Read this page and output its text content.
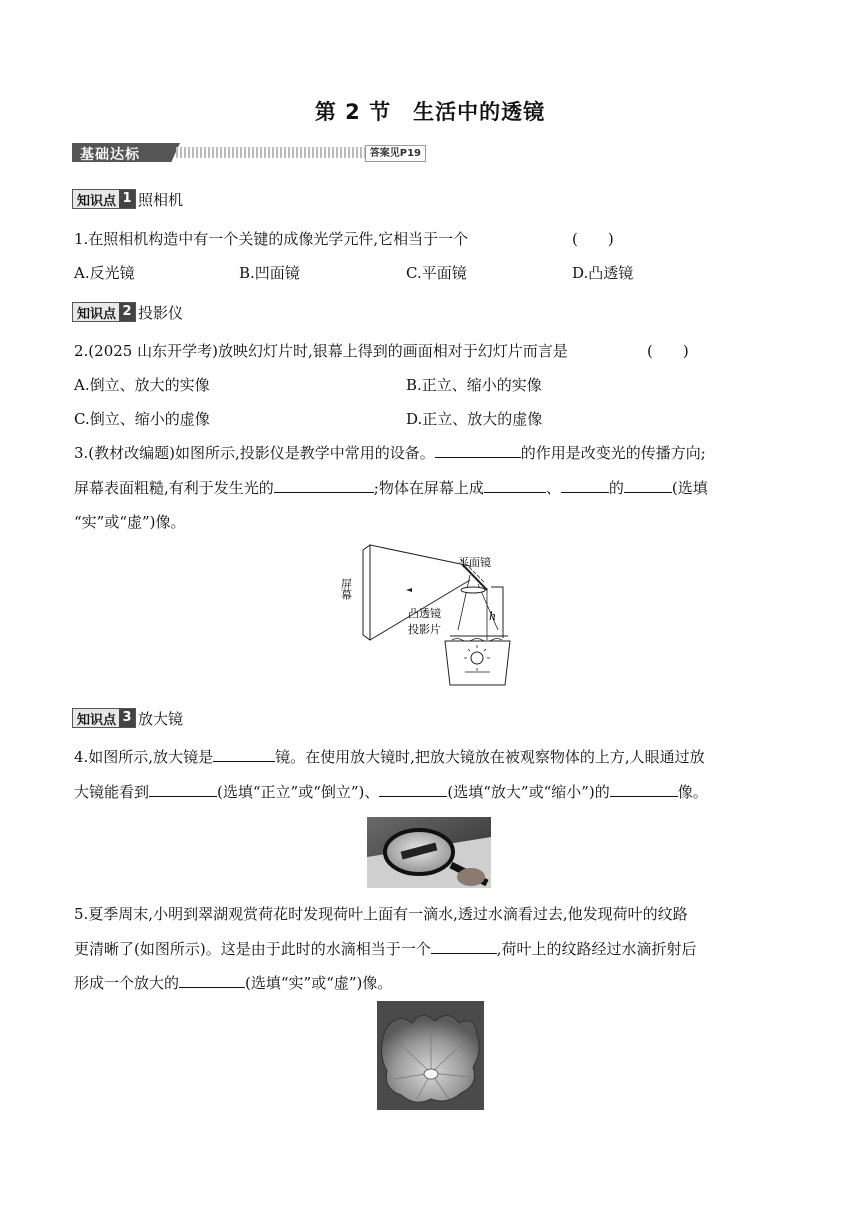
第 2 节　生活中的透镜
基础达标	答案见P19
知识点 1 照相机
1.在照相机构造中有一个关键的成像光学元件,它相当于一个	(　　)
A.反光镜	B.凹面镜	C.平面镜	D.凸透镜
知识点 2 投影仪
2.(2025 山东开学考)放映幻灯片时,银幕上得到的画面相对于幻灯片而言是	(　　)
A.倒立、放大的实像	B.正立、缩小的实像
C.倒立、缩小的虚像	D.正立、放大的虚像
3.(教材改编题)如图所示,投影仪是教学中常用的设备。	的作用是改变光的传播方向;
屏幕表面粗糙,有利于发生光的	;物体在屏幕上成	、	的	(选填
“实”或“虚”)像。
屏幕
平面镜
h
凸透镜
投影片
知识点 3 放大镜
4.如图所示,放大镜是	镜。在使用放大镜时,把放大镜放在被观察物体的上方,人眼通过放
大镜能看到	(选填“正立”或“倒立”)、	(选填“放大”或“缩小”)的	像。
5.夏季周末,小明到翠湖观赏荷花时发现荷叶上面有一滴水,透过水滴看过去,他发现荷叶的纹路
更清晰了(如图所示)。这是由于此时的水滴相当于一个	,荷叶上的纹路经过水滴折射后
形成一个放大的	(选填“实”或“虚”)像。
